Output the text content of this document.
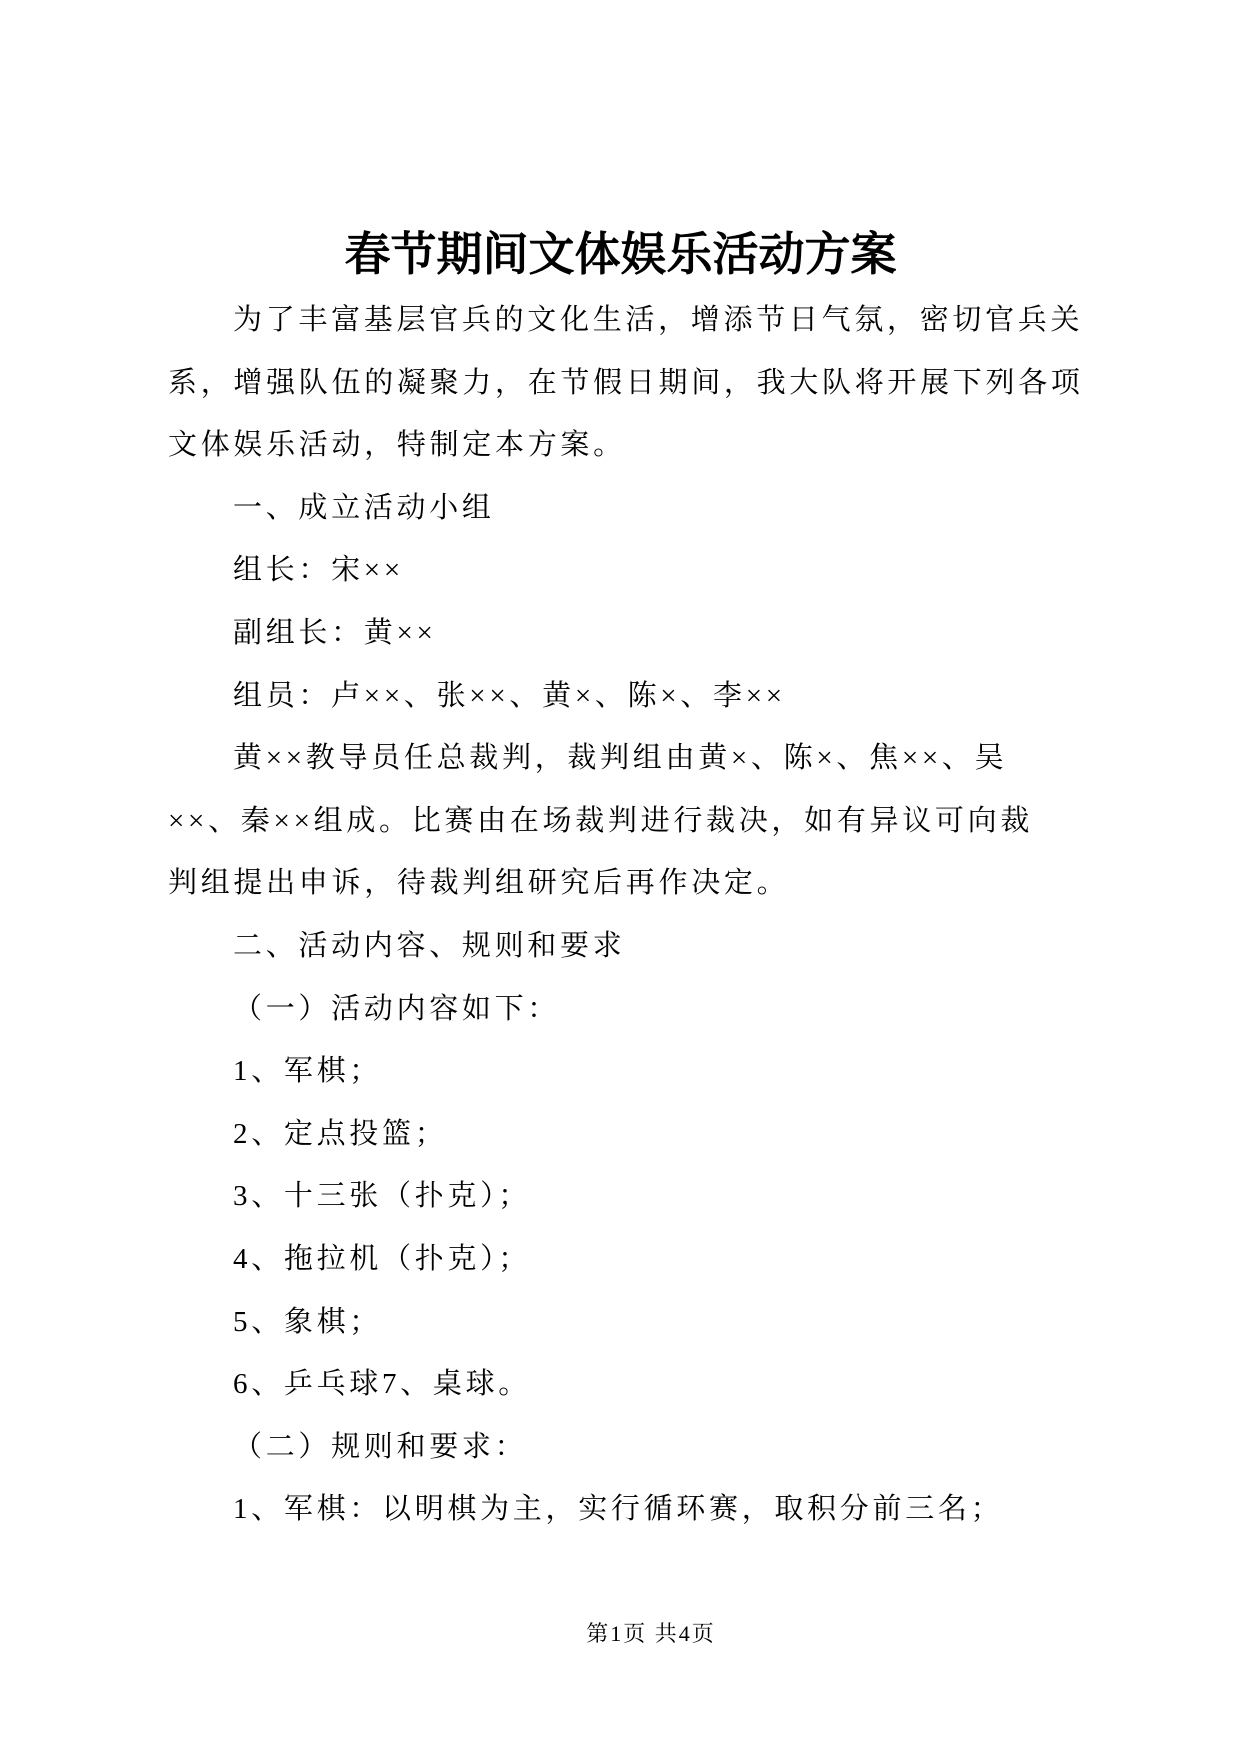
春节期间文体娱乐活动方案
为了丰富基层官兵的文化生活，增添节日气氛，密切官兵关
系，增强队伍的凝聚力，在节假日期间，我大队将开展下列各项
文体娱乐活动，特制定本方案。
一、成立活动小组
组长：宋××
副组长：黄××
组员：卢××、张××、黄×、陈×、李××
黄××教导员任总裁判，裁判组由黄×、陈×、焦××、吴
××、秦××组成。比赛由在场裁判进行裁决，如有异议可向裁
判组提出申诉，待裁判组研究后再作决定。
二、活动内容、规则和要求
（一）活动内容如下：
1、军棋；
2、定点投篮；
3、十三张（扑克）；
4、拖拉机（扑克）；
5、象棋；
6、乒乓球7、桌球。
（二）规则和要求：
1、军棋：以明棋为主，实行循环赛，取积分前三名；
第1页 共4页
